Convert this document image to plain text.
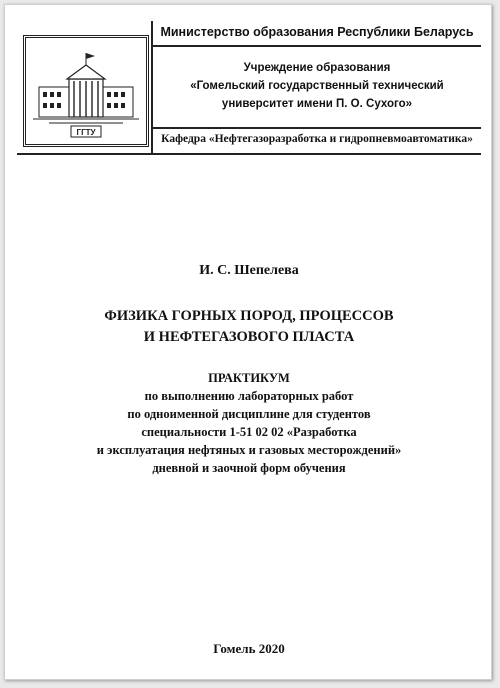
ГГТУ
Министерство образования Республики Беларусь
Учреждение образования
«Гомельский государственный технический
университет имени П. О. Сухого»
Кафедра «Нефтегазоразработка и гидропневмоавтоматика»
И. С. Шепелева
ФИЗИКА ГОРНЫХ ПОРОД, ПРОЦЕССОВ
И НЕФТЕГАЗОВОГО ПЛАСТА
ПРАКТИКУМ
по выполнению лабораторных работ
по одноименной дисциплине для студентов
специальности 1-51 02 02 «Разработка
и эксплуатация нефтяных и газовых месторождений»
дневной и заочной форм обучения
Гомель 2020
